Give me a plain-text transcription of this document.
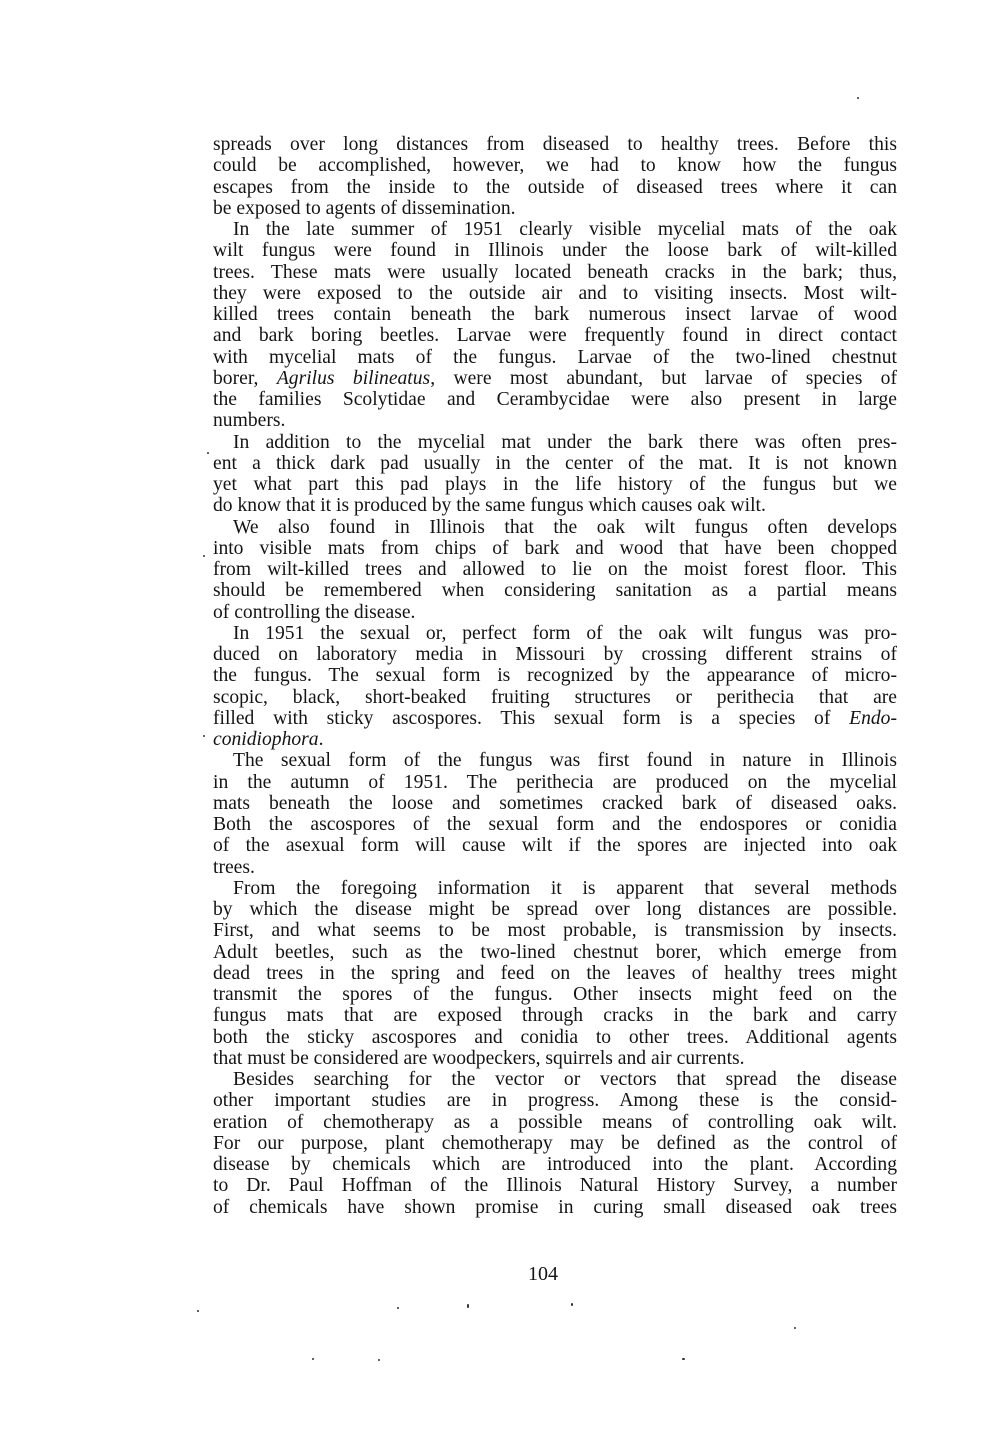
spreads over long distances from diseased to healthy trees. Before this
could be accomplished, however, we had to know how the fungus
escapes from the inside to the outside of diseased trees where it can
be exposed to agents of dissemination.
In the late summer of 1951 clearly visible mycelial mats of the oak
wilt fungus were found in Illinois under the loose bark of wilt-killed
trees. These mats were usually located beneath cracks in the bark; thus,
they were exposed to the outside air and to visiting insects. Most wilt-
killed trees contain beneath the bark numerous insect larvae of wood
and bark boring beetles. Larvae were frequently found in direct contact
with mycelial mats of the fungus. Larvae of the two-lined chestnut
borer, Agrilus bilineatus, were most abundant, but larvae of species of
the families Scolytidae and Cerambycidae were also present in large
numbers.
In addition to the mycelial mat under the bark there was often pres-
ent a thick dark pad usually in the center of the mat. It is not known
yet what part this pad plays in the life history of the fungus but we
do know that it is produced by the same fungus which causes oak wilt.
We also found in Illinois that the oak wilt fungus often develops
into visible mats from chips of bark and wood that have been chopped
from wilt-killed trees and allowed to lie on the moist forest floor. This
should be remembered when considering sanitation as a partial means
of controlling the disease.
In 1951 the sexual or, perfect form of the oak wilt fungus was pro-
duced on laboratory media in Missouri by crossing different strains of
the fungus. The sexual form is recognized by the appearance of micro-
scopic, black, short-beaked fruiting structures or perithecia that are
filled with sticky ascospores. This sexual form is a species of Endo-
conidiophora.
The sexual form of the fungus was first found in nature in Illinois
in the autumn of 1951. The perithecia are produced on the mycelial
mats beneath the loose and sometimes cracked bark of diseased oaks.
Both the ascospores of the sexual form and the endospores or conidia
of the asexual form will cause wilt if the spores are injected into oak
trees.
From the foregoing information it is apparent that several methods
by which the disease might be spread over long distances are possible.
First, and what seems to be most probable, is transmission by insects.
Adult beetles, such as the two-lined chestnut borer, which emerge from
dead trees in the spring and feed on the leaves of healthy trees might
transmit the spores of the fungus. Other insects might feed on the
fungus mats that are exposed through cracks in the bark and carry
both the sticky ascospores and conidia to other trees. Additional agents
that must be considered are woodpeckers, squirrels and air currents.
Besides searching for the vector or vectors that spread the disease
other important studies are in progress. Among these is the consid-
eration of chemotherapy as a possible means of controlling oak wilt.
For our purpose, plant chemotherapy may be defined as the control of
disease by chemicals which are introduced into the plant. According
to Dr. Paul Hoffman of the Illinois Natural History Survey, a number
of chemicals have shown promise in curing small diseased oak trees
104
